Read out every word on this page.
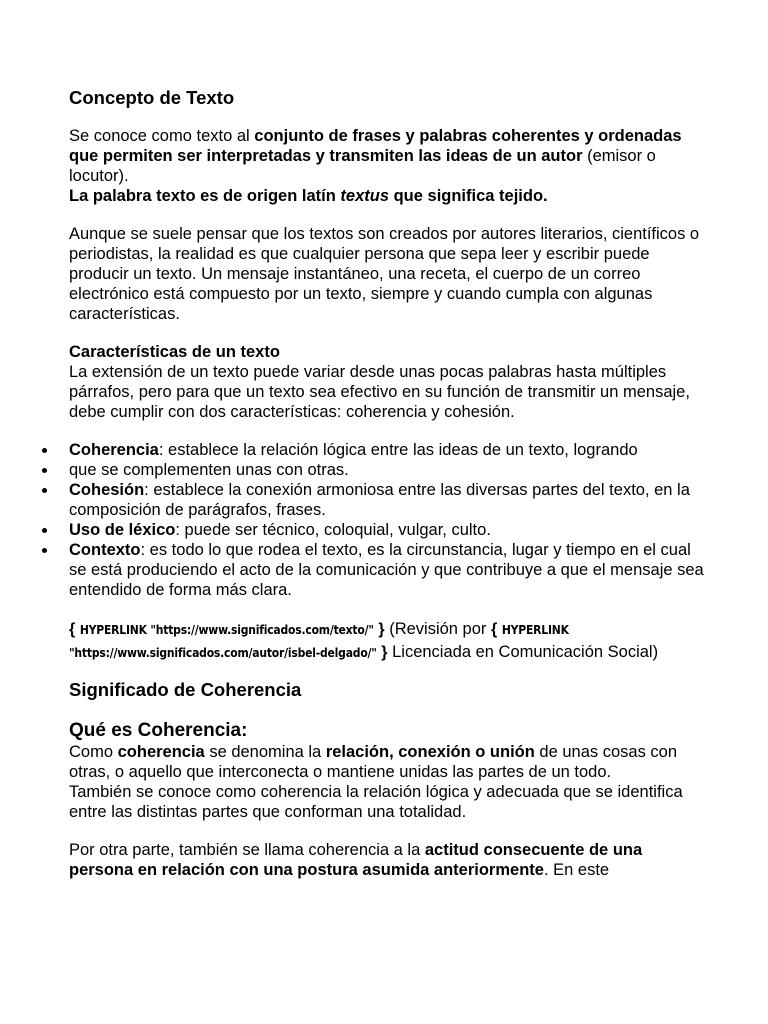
Concepto de Texto

Se conoce como texto al conjunto de frases y palabras coherentes y ordenadas que permiten ser interpretadas y transmiten las ideas de un autor (emisor o locutor).

La palabra texto es de origen latín textus que significa tejido.

Aunque se suele pensar que los textos son creados por autores literarios, científicos o periodistas, la realidad es que cualquier persona que sepa leer y escribir puede producir un texto. Un mensaje instantáneo, una receta, el cuerpo de un correo electrónico está compuesto por un texto, siempre y cuando cumpla con algunas características.

Características de un texto
La extensión de un texto puede variar desde unas pocas palabras hasta múltiples párrafos, pero para que un texto sea efectivo en su función de transmitir un mensaje, debe cumplir con dos características: coherencia y cohesión.

Coherencia: establece la relación lógica entre las ideas de un texto, logrando
que se complementen unas con otras.
Cohesión: establece la conexión armoniosa entre las diversas partes del texto, en la composición de parágrafos, frases.
Uso de léxico: puede ser técnico, coloquial, vulgar, culto.
Contexto: es todo lo que rodea el texto, es la circunstancia, lugar y tiempo en el cual se está produciendo el acto de la comunicación y que contribuye a que el mensaje sea entendido de forma más clara.

{ HYPERLINK "https://www.significados.com/texto/" } (Revisión por { HYPERLINK "https://www.significados.com/autor/isbel-delgado/" } Licenciada en Comunicación Social)

Significado de Coherencia
Qué es Coherencia:

Como coherencia se denomina la relación, conexión o unión de unas cosas con otras, o aquello que interconecta o mantiene unidas las partes de un todo.

También se conoce como coherencia la relación lógica y adecuada que se identifica entre las distintas partes que conforman una totalidad.

Por otra parte, también se llama coherencia a la actitud consecuente de una persona en relación con una postura asumida anteriormente. En este
